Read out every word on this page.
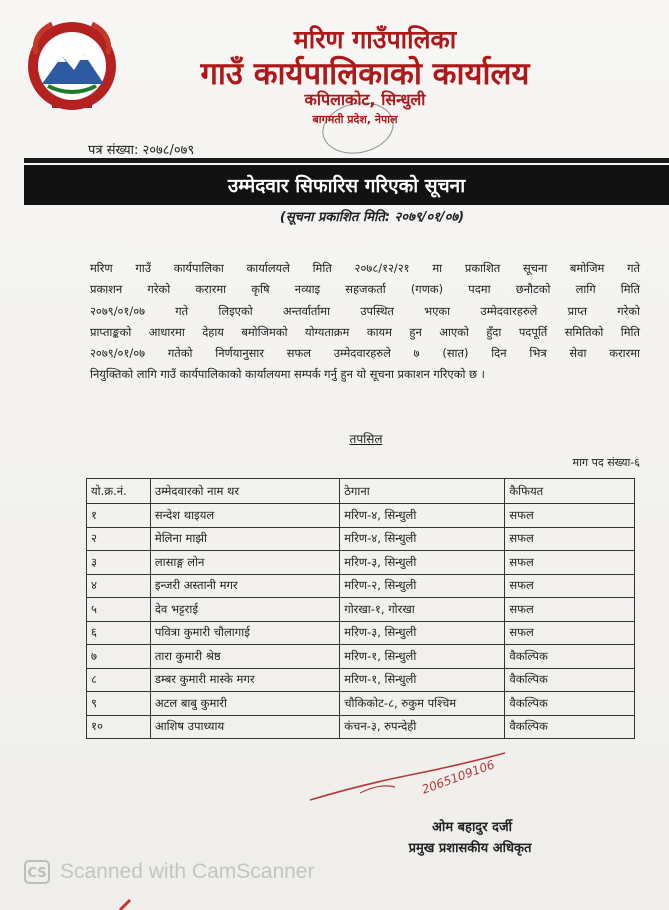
मरिण गाउँपालिका
गाउँ कार्यपालिकाको कार्यालय
कपिलाकोट, सिन्धुली
बागमती प्रदेश, नेपाल
पत्र संख्या: २०७८/०७९
उम्मेदवार सिफारिस गरिएको सूचना
(सूचना प्रकाशित मिति: २०७९/०१/०७)
मरिण गाउँ कार्यपालिका कार्यालयले मिति २०७८/१२/२१ मा प्रकाशित सूचना बमोजिम गते
प्रकाशन गरेको करारमा कृषि नव्याइ सहजकर्ता (गणक) पदमा छनौटको लागि मिति
२०७९/०१/०७ गते लिइएको अन्तर्वार्तामा उपस्थित भएका उम्मेदवारहरुले प्राप्त गरेको
प्राप्ताङ्कको आधारमा देहाय बमोजिमको योग्यताक्रम कायम हुन आएको हुँदा पदपूर्ति समितिको मिति
२०७९/०१/०७ गतेको निर्णयानुसार सफल उम्मेदवारहरुले ७ (सात) दिन भित्र सेवा करारमा
नियुक्तिको लागि गाउँ कार्यपालिकाको कार्यालयमा सम्पर्क गर्नु हुन यो सूचना प्रकाशन गरिएको छ ।
तपसिल
माग पद संख्या-६
यो.क्र.नं.	उम्मेदवारको नाम थर	ठेगाना	कैफियत
१	सन्देश थाइयल	मरिण-४, सिन्धुली	सफल
२	मेलिना माझी	मरिण-४, सिन्धुली	सफल
३	लासाङ्ग लोन	मरिण-३, सिन्धुली	सफल
४	इन्जरी अस्तानी मगर	मरिण-२, सिन्धुली	सफल
५	देव भट्टराई	गोरखा-१, गोरखा	सफल
६	पवित्रा कुमारी चौलागाई	मरिण-३, सिन्धुली	सफल
७	तारा कुमारी श्रेष्ठ	मरिण-१, सिन्धुली	वैकल्पिक
८	डम्बर कुमारी मास्के मगर	मरिण-१, सिन्धुली	वैकल्पिक
९	अटल बाबु कुमारी	चौकिकोट-८, रुकुम पश्चिम	वैकल्पिक
१०	आशिष उपाध्याय	कंचन-३, रुपन्देही	वैकल्पिक
2065109106
ओम बहादुर दर्जी
प्रमुख प्रशासकीय अधिकृत
CS Scanned with CamScanner
